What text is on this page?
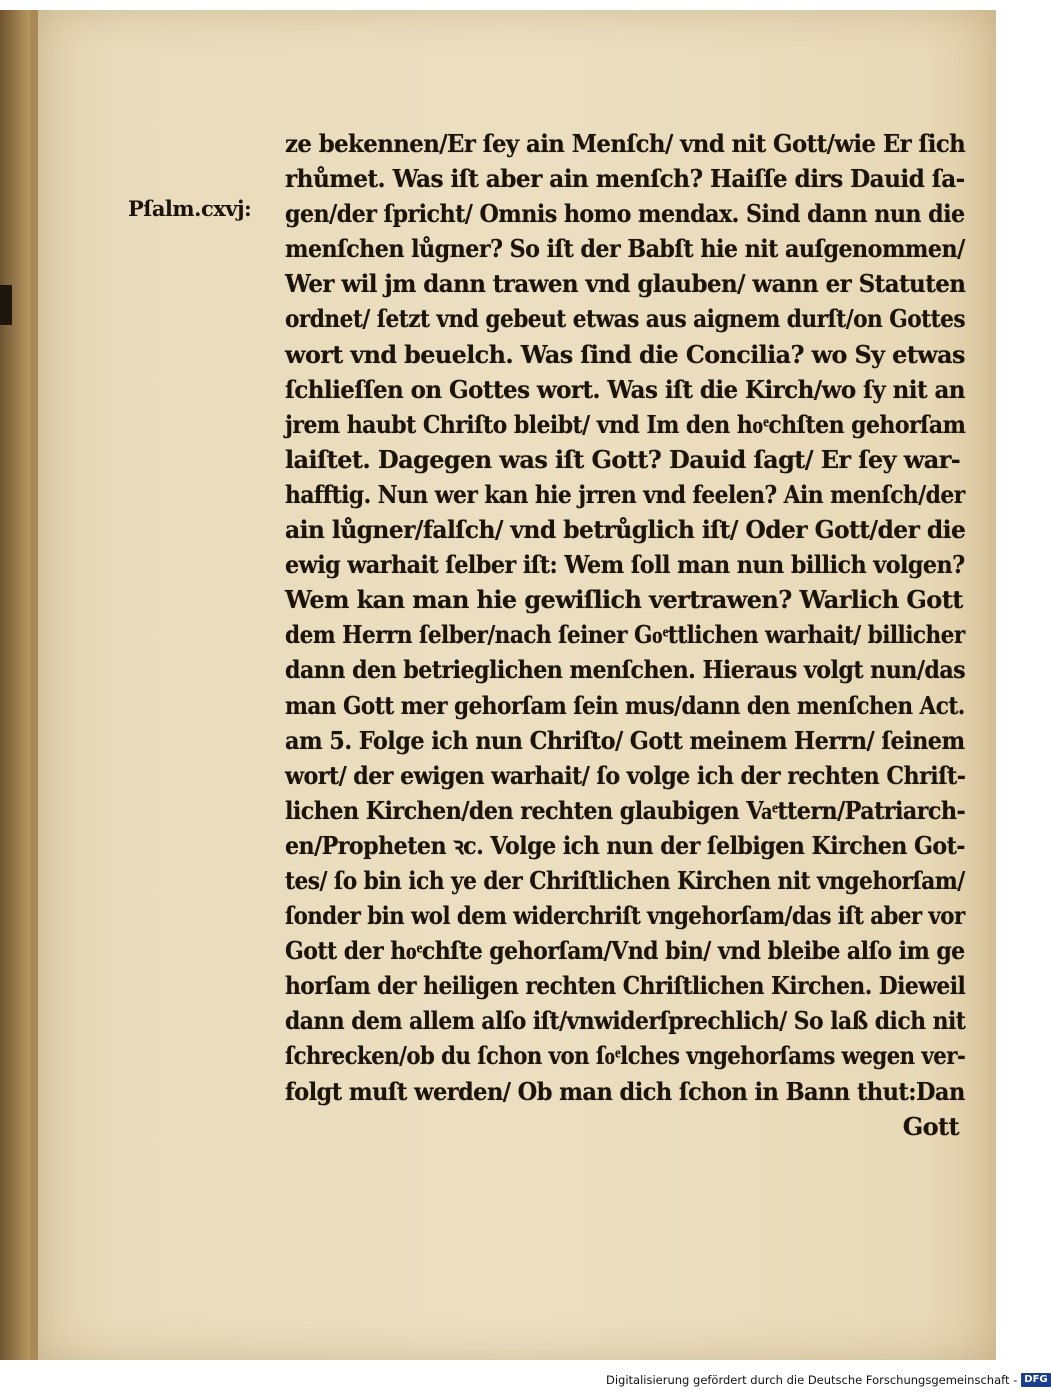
Pſalm.cxvj:
ze bekennen/Er ſey ain Menſch/ vnd nit Gott/wie Er ſich
rhůmet. Was iſt aber ain menſch? Haiſſe dirs Dauid ſa-
gen/der ſpricht/ Omnis homo mendax. Sind dann nun die
menſchen lůgner? So iſt der Babſt hie nit auſgenommen/
Wer wil jm dann trawen vnd glauben/ wann er Statuten
ordnet/ ſetzt vnd gebeut etwas aus aignem durſt/on Gottes
wort vnd beuelch. Was ſind die Concilia? wo Sy etwas
ſchlieſſen on Gottes wort. Was iſt die Kirch/wo ſy nit an
jrem haubt Chriſto bleibt/ vnd Im den hoͤchſten gehorſam
laiſtet. Dagegen was iſt Gott? Dauid ſagt/ Er ſey war-
hafftig. Nun wer kan hie jrren vnd feelen? Ain menſch/der
ain lůgner/falſch/ vnd betrůglich iſt/ Oder Gott/der die
ewig warhait ſelber iſt: Wem ſoll man nun billich volgen?
Wem kan man hie gewiſlich vertrawen? Warlich Gott
dem Herrn ſelber/nach ſeiner Goͤttlichen warhait/ billicher
dann den betrieglichen menſchen. Hieraus volgt nun/das
man Gott mer gehorſam ſein mus/dann den menſchen Act.
am 5. Folge ich nun Chriſto/ Gott meinem Herrn/ ſeinem
wort/ der ewigen warhait/ ſo volge ich der rechten Chriſt-
lichen Kirchen/den rechten glaubigen Vaͤttern/Patriarch-
en/Propheten ꝛc. Volge ich nun der ſelbigen Kirchen Got-
tes/ ſo bin ich ye der Chriſtlichen Kirchen nit vngehorſam/
ſonder bin wol dem widerchriſt vngehorſam/das iſt aber vor
Gott der hoͤchſte gehorſam/Vnd bin/ vnd bleibe alſo im ge
horſam der heiligen rechten Chriſtlichen Kirchen. Dieweil
dann dem allem alſo iſt/vnwiderſprechlich/ So laß dich nit
ſchrecken/ob du ſchon von ſoͤlches vngehorſams wegen ver-
folgt muſt werden/ Ob man dich ſchon in Bann thut:Dan
Gott
Digitalisierung gefördert durch die Deutsche Forschungsgemeinschaft - DFG
